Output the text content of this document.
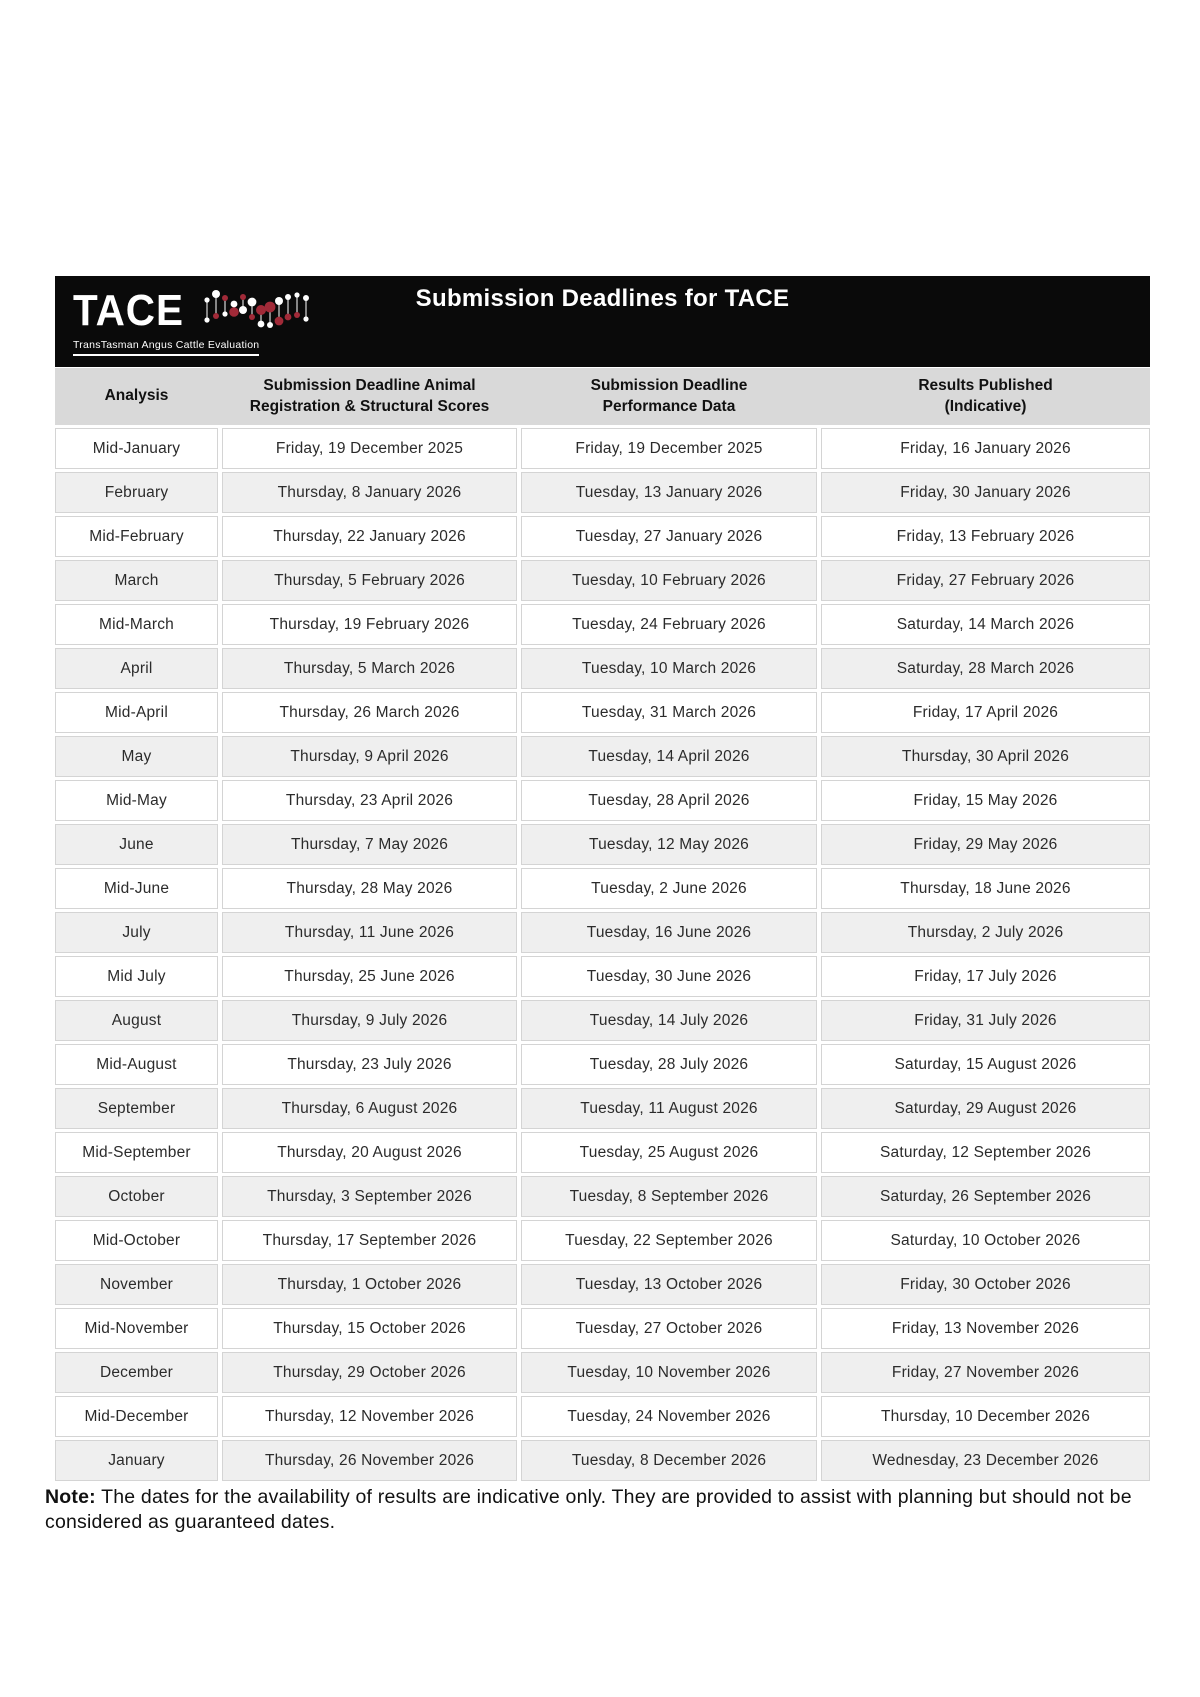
TACE
TransTasman Angus Cattle Evaluation
Submission Deadlines for TACE
Analysis
Submission Deadline Animal
Registration & Structural Scores
Submission Deadline
Performance Data
Results Published
(Indicative)
Mid-January	Friday, 19 December 2025	Friday, 19 December 2025	Friday, 16 January 2026
February	Thursday, 8 January 2026	Tuesday, 13 January 2026	Friday, 30 January 2026
Mid-February	Thursday, 22 January 2026	Tuesday, 27 January 2026	Friday, 13 February 2026
March	Thursday, 5 February 2026	Tuesday, 10 February 2026	Friday, 27 February 2026
Mid-March	Thursday, 19 February 2026	Tuesday, 24 February 2026	Saturday, 14 March 2026
April	Thursday, 5 March 2026	Tuesday, 10 March 2026	Saturday, 28 March 2026
Mid-April	Thursday, 26 March 2026	Tuesday, 31 March 2026	Friday, 17 April 2026
May	Thursday, 9 April 2026	Tuesday, 14 April 2026	Thursday, 30 April 2026
Mid-May	Thursday, 23 April 2026	Tuesday, 28 April 2026	Friday, 15 May 2026
June	Thursday, 7 May 2026	Tuesday, 12 May 2026	Friday, 29 May 2026
Mid-June	Thursday, 28 May 2026	Tuesday, 2 June 2026	Thursday, 18 June 2026
July	Thursday, 11 June 2026	Tuesday, 16 June 2026	Thursday, 2 July 2026
Mid July	Thursday, 25 June 2026	Tuesday, 30 June 2026	Friday, 17 July 2026
August	Thursday, 9 July 2026	Tuesday, 14 July 2026	Friday, 31 July 2026
Mid-August	Thursday, 23 July 2026	Tuesday, 28 July 2026	Saturday, 15 August 2026
September	Thursday, 6 August 2026	Tuesday, 11 August 2026	Saturday, 29 August 2026
Mid-September	Thursday, 20 August 2026	Tuesday, 25 August 2026	Saturday, 12 September 2026
October	Thursday, 3 September 2026	Tuesday, 8 September 2026	Saturday, 26 September 2026
Mid-October	Thursday, 17 September 2026	Tuesday, 22 September 2026	Saturday, 10 October 2026
November	Thursday, 1 October 2026	Tuesday, 13 October 2026	Friday, 30 October 2026
Mid-November	Thursday, 15 October 2026	Tuesday, 27 October 2026	Friday, 13 November 2026
December	Thursday, 29 October 2026	Tuesday, 10 November 2026	Friday, 27 November 2026
Mid-December	Thursday, 12 November 2026	Tuesday, 24 November 2026	Thursday, 10 December 2026
January	Thursday, 26 November 2026	Tuesday, 8 December 2026	Wednesday, 23 December 2026
Note: The dates for the availability of results are indicative only. They are provided to assist with planning but should not be considered as guaranteed dates.
